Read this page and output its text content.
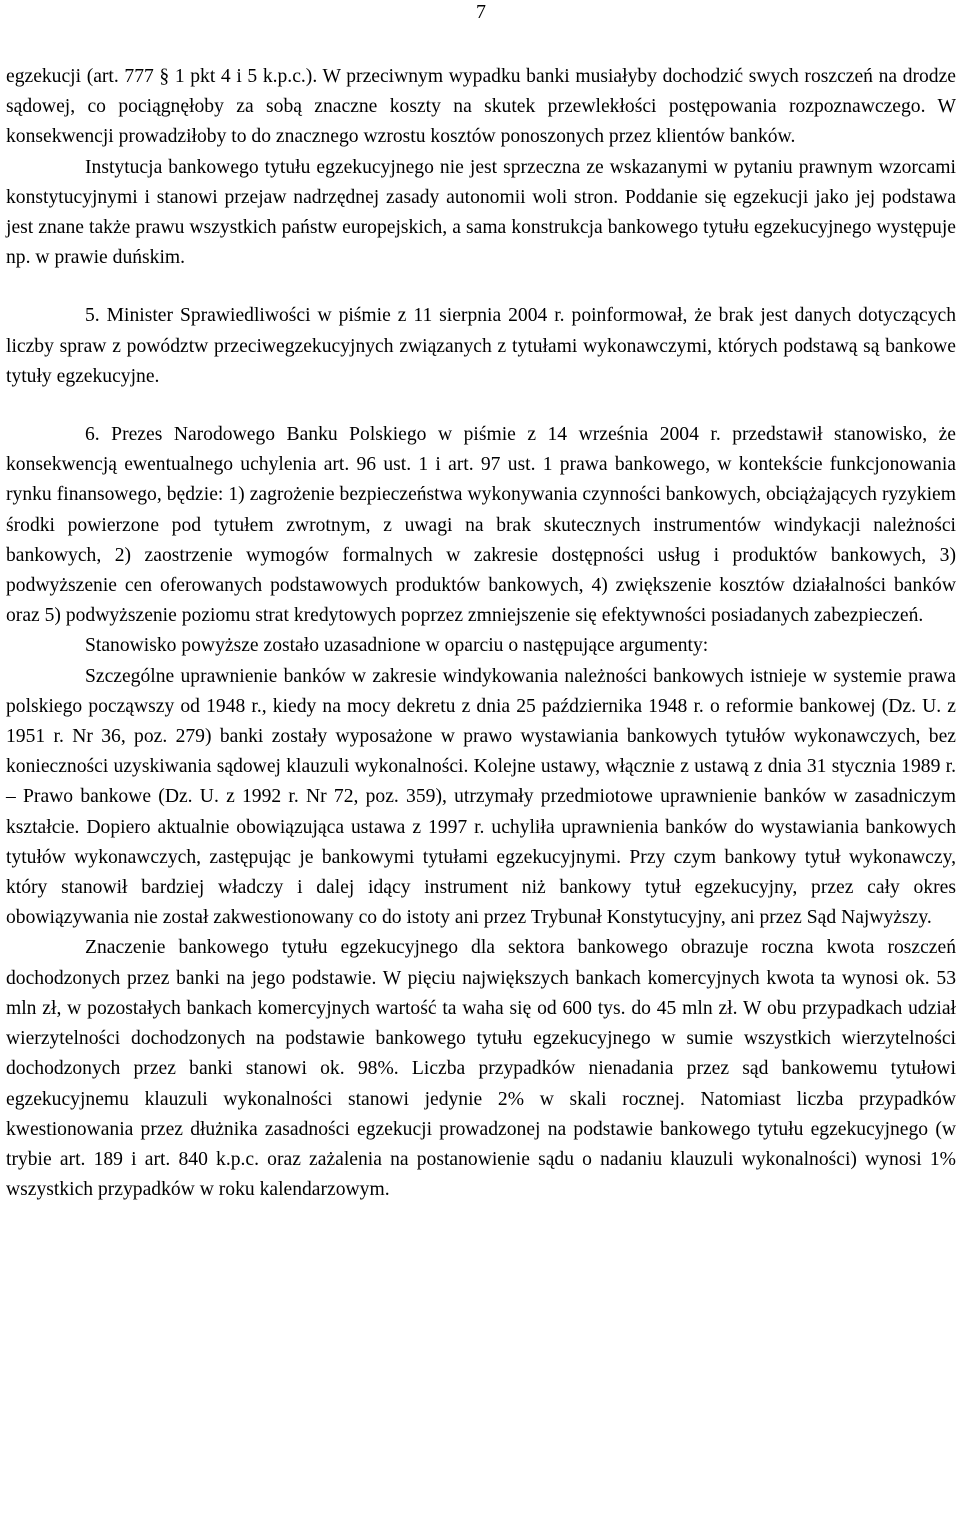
7

egzekucji (art. 777 § 1 pkt 4 i 5 k.p.c.). W przeciwnym wypadku banki musiałyby dochodzić swych roszczeń na drodze sądowej, co pociągnęłoby za sobą znaczne koszty na skutek przewlekłości postępowania rozpoznawczego. W konsekwencji prowadziłoby to do znacznego wzrostu kosztów ponoszonych przez klientów banków.

Instytucja bankowego tytułu egzekucyjnego nie jest sprzeczna ze wskazanymi w pytaniu prawnym wzorcami konstytucyjnymi i stanowi przejaw nadrzędnej zasady autonomii woli stron. Poddanie się egzekucji jako jej podstawa jest znane także prawu wszystkich państw europejskich, a sama konstrukcja bankowego tytułu egzekucyjnego występuje np. w prawie duńskim.

5. Minister Sprawiedliwości w piśmie z 11 sierpnia 2004 r. poinformował, że brak jest danych dotyczących liczby spraw z powództw przeciwegzekucyjnych związanych z tytułami wykonawczymi, których podstawą są bankowe tytuły egzekucyjne.

6. Prezes Narodowego Banku Polskiego w piśmie z 14 września 2004 r. przedstawił stanowisko, że konsekwencją ewentualnego uchylenia art. 96 ust. 1 i art. 97 ust. 1 prawa bankowego, w kontekście funkcjonowania rynku finansowego, będzie: 1) zagrożenie bezpieczeństwa wykonywania czynności bankowych, obciążających ryzykiem środki powierzone pod tytułem zwrotnym, z uwagi na brak skutecznych instrumentów windykacji należności bankowych, 2) zaostrzenie wymogów formalnych w zakresie dostępności usług i produktów bankowych, 3) podwyższenie cen oferowanych podstawowych produktów bankowych, 4) zwiększenie kosztów działalności banków oraz 5) podwyższenie poziomu strat kredytowych poprzez zmniejszenie się efektywności posiadanych zabezpieczeń.

Stanowisko powyższe zostało uzasadnione w oparciu o następujące argumenty:

Szczególne uprawnienie banków w zakresie windykowania należności bankowych istnieje w systemie prawa polskiego począwszy od 1948 r., kiedy na mocy dekretu z dnia 25 października 1948 r. o reformie bankowej (Dz. U. z 1951 r. Nr 36, poz. 279) banki zostały wyposażone w prawo wystawiania bankowych tytułów wykonawczych, bez konieczności uzyskiwania sądowej klauzuli wykonalności. Kolejne ustawy, włącznie z ustawą z dnia 31 stycznia 1989 r. – Prawo bankowe (Dz. U. z 1992 r. Nr 72, poz. 359), utrzymały przedmiotowe uprawnienie banków w zasadniczym kształcie. Dopiero aktualnie obowiązująca ustawa z 1997 r. uchyliła uprawnienia banków do wystawiania bankowych tytułów wykonawczych, zastępując je bankowymi tytułami egzekucyjnymi. Przy czym bankowy tytuł wykonawczy, który stanowił bardziej władczy i dalej idący instrument niż bankowy tytuł egzekucyjny, przez cały okres obowiązywania nie został zakwestionowany co do istoty ani przez Trybunał Konstytucyjny, ani przez Sąd Najwyższy.

Znaczenie bankowego tytułu egzekucyjnego dla sektora bankowego obrazuje roczna kwota roszczeń dochodzonych przez banki na jego podstawie. W pięciu największych bankach komercyjnych kwota ta wynosi ok. 53 mln zł, w pozostałych bankach komercyjnych wartość ta waha się od 600 tys. do 45 mln zł. W obu przypadkach udział wierzytelności dochodzonych na podstawie bankowego tytułu egzekucyjnego w sumie wszystkich wierzytelności dochodzonych przez banki stanowi ok. 98%. Liczba przypadków nienadania przez sąd bankowemu tytułowi egzekucyjnemu klauzuli wykonalności stanowi jedynie 2% w skali rocznej. Natomiast liczba przypadków kwestionowania przez dłużnika zasadności egzekucji prowadzonej na podstawie bankowego tytułu egzekucyjnego (w trybie art. 189 i art. 840 k.p.c. oraz zażalenia na postanowienie sądu o nadaniu klauzuli wykonalności) wynosi 1% wszystkich przypadków w roku kalendarzowym.
